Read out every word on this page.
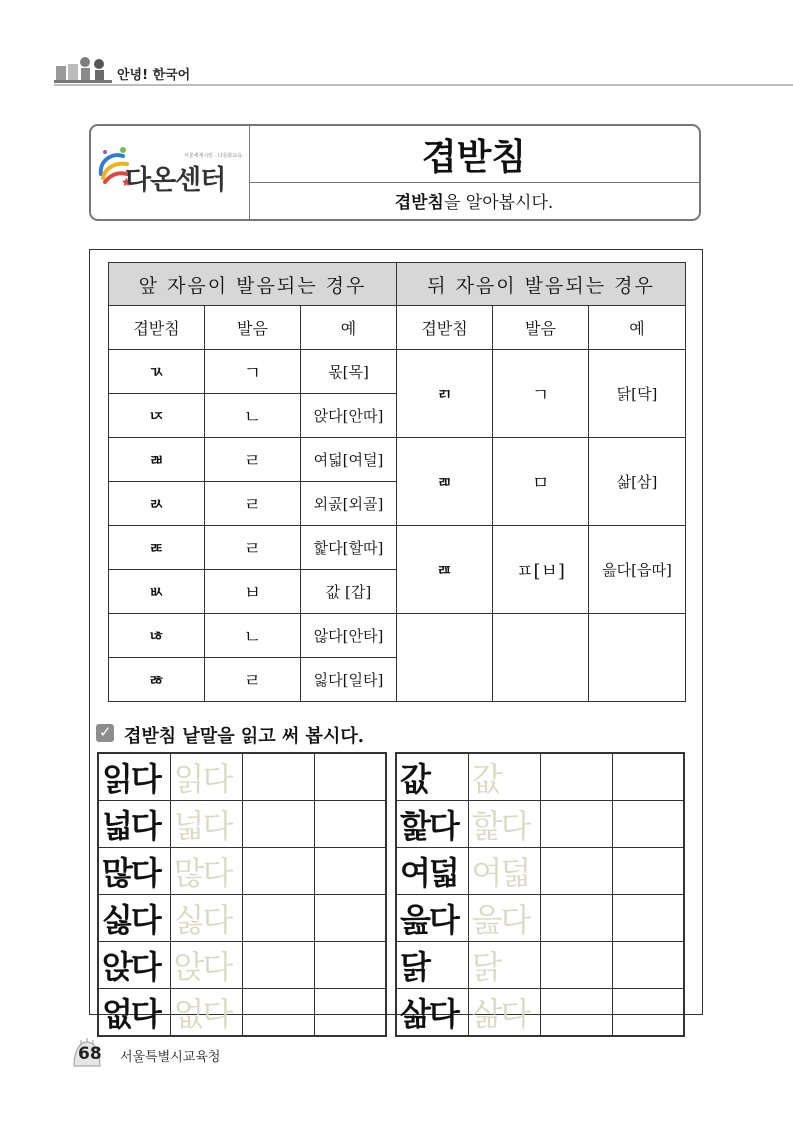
안녕! 한국어
서울세계시민 · 다문화교육
다온센터
겹받침
겹받침 을 알아봅시다.
앞 자음이 발음되는 경우			뒤 자음이 발음되는 경우		
겹받침	발음	예	겹받침	발음	예
ㄳ	ㄱ	몫[목]	ㄺ	ㄱ	닭[닥]
ㄵ	ㄴ	앉다[안따]			
ㄼ	ㄹ	여덟[여덜]	ㄻ	ㅁ	삶[삼]
ㄽ	ㄹ	외곬[외골]			
ㄾ	ㄹ	핥다[할따]	ㄿ	ㅍ[ㅂ]	읊다[읍따]
ㅄ	ㅂ	값 [갑]			
ㄶ	ㄴ	않다[안타]			
ㅀ	ㄹ	잃다[일타]			
✓ 겹받침 낱말을 읽고 써 봅시다.
읽다	읽다		
넓다	넓다		
많다	많다		
싫다	싫다		
앉다	앉다		
없다	없다		
값	값		
핥다	핥다		
여덟	여덟		
읊다	읊다		
닭	닭		
삶다	삶다		
68 서울특별시교육청
